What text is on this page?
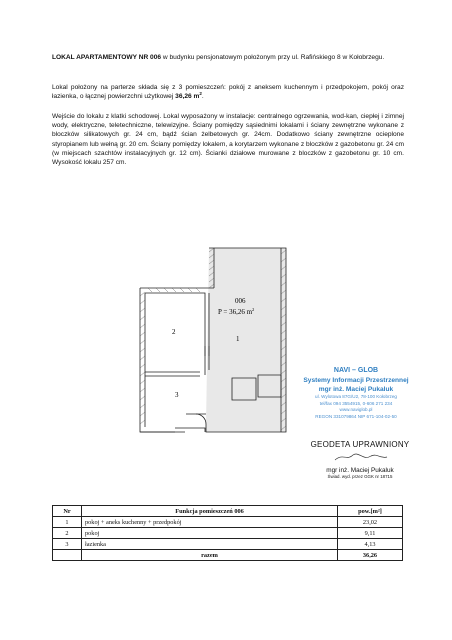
LOKAL APARTAMENTOWY NR 006 w budynku pensjonatowym położonym przy ul. Rafińskiego 8 w Kołobrzegu.

Lokal położony na parterze składa się z 3 pomieszczeń: pokój z aneksem kuchennym i przedpokojem, pokój oraz łazienka, o łącznej powierzchni użytkowej 36,26 $m^2$.

Wejście do lokalu z klatki schodowej. Lokal wyposażony w instalacje: centralnego ogrzewania, wod-kan, ciepłej i zimnej wody, elektryczne, teletechniczne, telewizyjne. Ściany pomiędzy sąsiednimi lokalami i ściany zewnętrzne wykonane z bloczków silikatowych gr. 24 cm, bądź ścian żelbetowych gr. 24cm. Dodatkowo ściany zewnętrzne ocieplone styropianem lub wełną gr. 20 cm. Ściany pomiędzy lokalem, a korytarzem wykonane z bloczków z gazobetonu gr. 24 cm (w miejscach szachtów instalacyjnych gr. 12 cm). Ścianki działowe murowane z bloczków z gazobetonu gr. 10 cm. Wysokość lokalu 257 cm.

006
P = 36,26 $m^2$
1
2
3
NAVI – GLOB
Systemy Informacji Przestrzennej
mgr inż. Maciej Pukaluk
ul. Wylotowa 87G/U2, 78-100 Kołobrzeg
tel/fax 094 3554915, 0-606 271 234
www.naviglob.pl
REGON 331079864 NIP 671-104-02-50
GEODETA UPRAWNIONY
mgr inż. Maciej Pukaluk
Świad. wyd. przez GGK nr 18715
Nr	Funkcja pomieszczeń 006	pow.[m²]
1	pokoj + aneks kuchenny + przedpokój	23,02
2	pokoj	9,11
3	łazienka	4,13
	razem	36,26
